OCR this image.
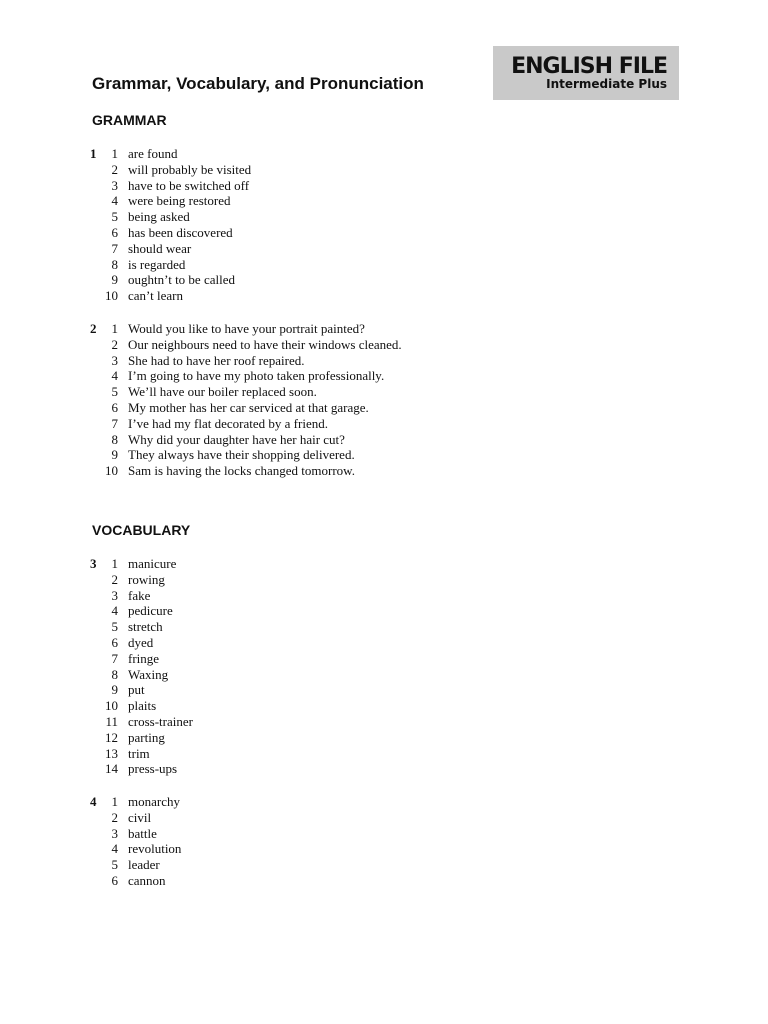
Grammar, Vocabulary, and Pronunciation
ENGLISH FILE
Intermediate Plus
GRAMMAR
1	1 are found
2 will probably be visited
3 have to be switched off
4 were being restored
5 being asked
6 has been discovered
7 should wear
8 is regarded
9 oughtn’t to be called
10 can’t learn
2	1 Would you like to have your portrait painted?
2 Our neighbours need to have their windows cleaned.
3 She had to have her roof repaired.
4 I’m going to have my photo taken professionally.
5 We’ll have our boiler replaced soon.
6 My mother has her car serviced at that garage.
7 I’ve had my flat decorated by a friend.
8 Why did your daughter have her hair cut?
9 They always have their shopping delivered.
10 Sam is having the locks changed tomorrow.
VOCABULARY
3	1 manicure
2 rowing
3 fake
4 pedicure
5 stretch
6 dyed
7 fringe
8 Waxing
9 put
10 plaits
11 cross-trainer
12 parting
13 trim
14 press-ups
4	1 monarchy
2 civil
3 battle
4 revolution
5 leader
6 cannon
